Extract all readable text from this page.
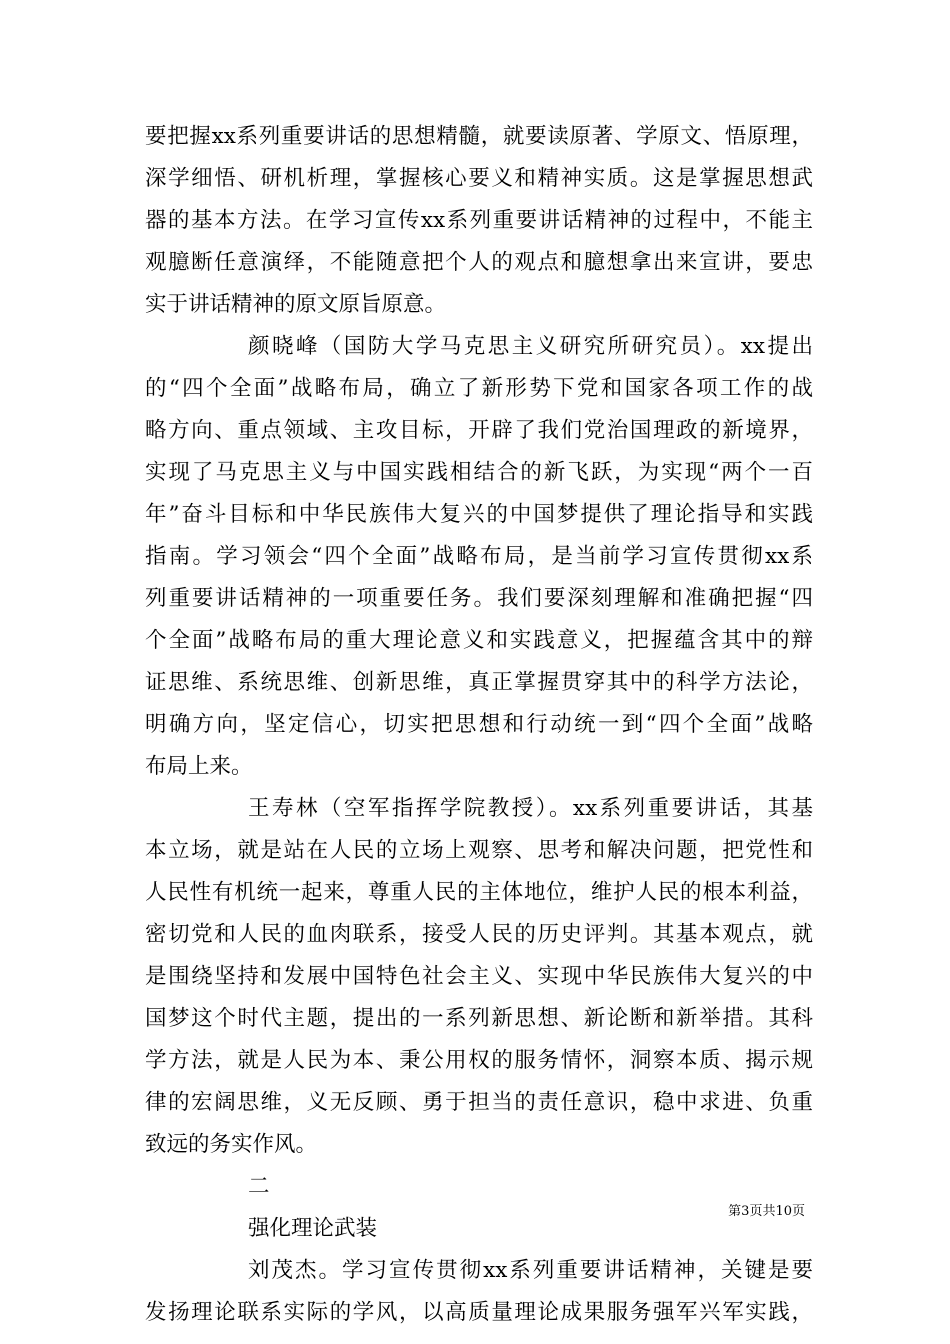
要把握xx系列重要讲话的思想精髓，就要读原著、学原文、悟原理，
深学细悟、研机析理，掌握核心要义和精神实质。这是掌握思想武
器的基本方法。在学习宣传xx系列重要讲话精神的过程中，不能主
观臆断任意演绎，不能随意把个人的观点和臆想拿出来宣讲，要忠
实于讲话精神的原文原旨原意。
颜晓峰（国防大学马克思主义研究所研究员）。xx提出
的“四个全面”战略布局，确立了新形势下党和国家各项工作的战
略方向、重点领域、主攻目标，开辟了我们党治国理政的新境界，
实现了马克思主义与中国实践相结合的新飞跃，为实现“两个一百
年”奋斗目标和中华民族伟大复兴的中国梦提供了理论指导和实践
指南。学习领会“四个全面”战略布局，是当前学习宣传贯彻xx系
列重要讲话精神的一项重要任务。我们要深刻理解和准确把握“四
个全面”战略布局的重大理论意义和实践意义，把握蕴含其中的辩
证思维、系统思维、创新思维，真正掌握贯穿其中的科学方法论，
明确方向，坚定信心，切实把思想和行动统一到“四个全面”战略
布局上来。
王寿林（空军指挥学院教授）。xx系列重要讲话，其基
本立场，就是站在人民的立场上观察、思考和解决问题，把党性和
人民性有机统一起来，尊重人民的主体地位，维护人民的根本利益，
密切党和人民的血肉联系，接受人民的历史评判。其基本观点，就
是围绕坚持和发展中国特色社会主义、实现中华民族伟大复兴的中
国梦这个时代主题，提出的一系列新思想、新论断和新举措。其科
学方法，就是人民为本、秉公用权的服务情怀，洞察本质、揭示规
律的宏阔思维，义无反顾、勇于担当的责任意识，稳中求进、负重
致远的务实作风。
二
强化理论武装
刘茂杰。学习宣传贯彻xx系列重要讲话精神，关键是要
发扬理论联系实际的学风，以高质量理论成果服务强军兴军实践，
第3页共10页
